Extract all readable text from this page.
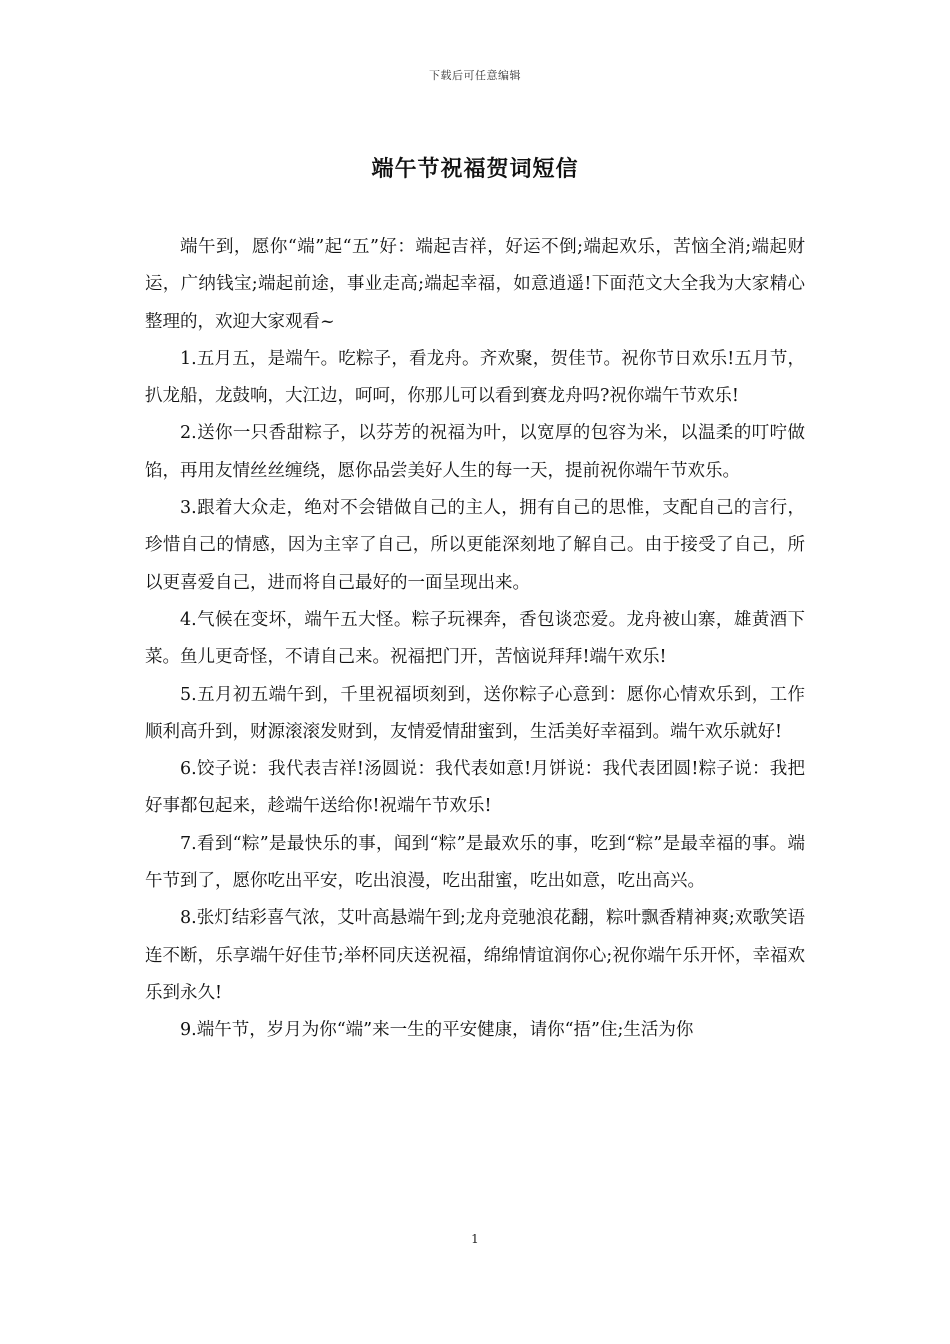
下载后可任意编辑
端午节祝福贺词短信

端午到，愿你“端”起“五”好：端起吉祥，好运不倒;端起欢乐，苦恼全消;端起财运，广纳钱宝;端起前途，事业走高;端起幸福，如意逍遥!下面范文大全我为大家精心整理的，欢迎大家观看~

1.五月五，是端午。吃粽子，看龙舟。齐欢聚，贺佳节。祝你节日欢乐!五月节，扒龙船，龙鼓响，大江边，呵呵，你那儿可以看到赛龙舟吗?祝你端午节欢乐!

2.送你一只香甜粽子，以芬芳的祝福为叶，以宽厚的包容为米，以温柔的叮咛做馅，再用友情丝丝缠绕，愿你品尝美好人生的每一天，提前祝你端午节欢乐。

3.跟着大众走，绝对不会错做自己的主人，拥有自己的思惟，支配自己的言行，珍惜自己的情感，因为主宰了自己，所以更能深刻地了解自己。由于接受了自己，所以更喜爱自己，进而将自己最好的一面呈现出来。

4.气候在变坏，端午五大怪。粽子玩裸奔，香包谈恋爱。龙舟被山寨，雄黄酒下菜。鱼儿更奇怪，不请自己来。祝福把门开，苦恼说拜拜!端午欢乐!

5.五月初五端午到，千里祝福顷刻到，送你粽子心意到：愿你心情欢乐到，工作顺利高升到，财源滚滚发财到，友情爱情甜蜜到，生活美好幸福到。端午欢乐就好!

6.饺子说：我代表吉祥!汤圆说：我代表如意!月饼说：我代表团圆!粽子说：我把好事都包起来，趁端午送给你!祝端午节欢乐!

7.看到“粽”是最快乐的事，闻到“粽”是最欢乐的事，吃到“粽”是最幸福的事。端午节到了，愿你吃出平安，吃出浪漫，吃出甜蜜，吃出如意，吃出高兴。

8.张灯结彩喜气浓，艾叶高悬端午到;龙舟竞驰浪花翻，粽叶飘香精神爽;欢歌笑语连不断，乐享端午好佳节;举杯同庆送祝福，绵绵情谊润你心;祝你端午乐开怀，幸福欢乐到永久!

9.端午节，岁月为你“端”来一生的平安健康，请你“捂”住;生活为你

1
